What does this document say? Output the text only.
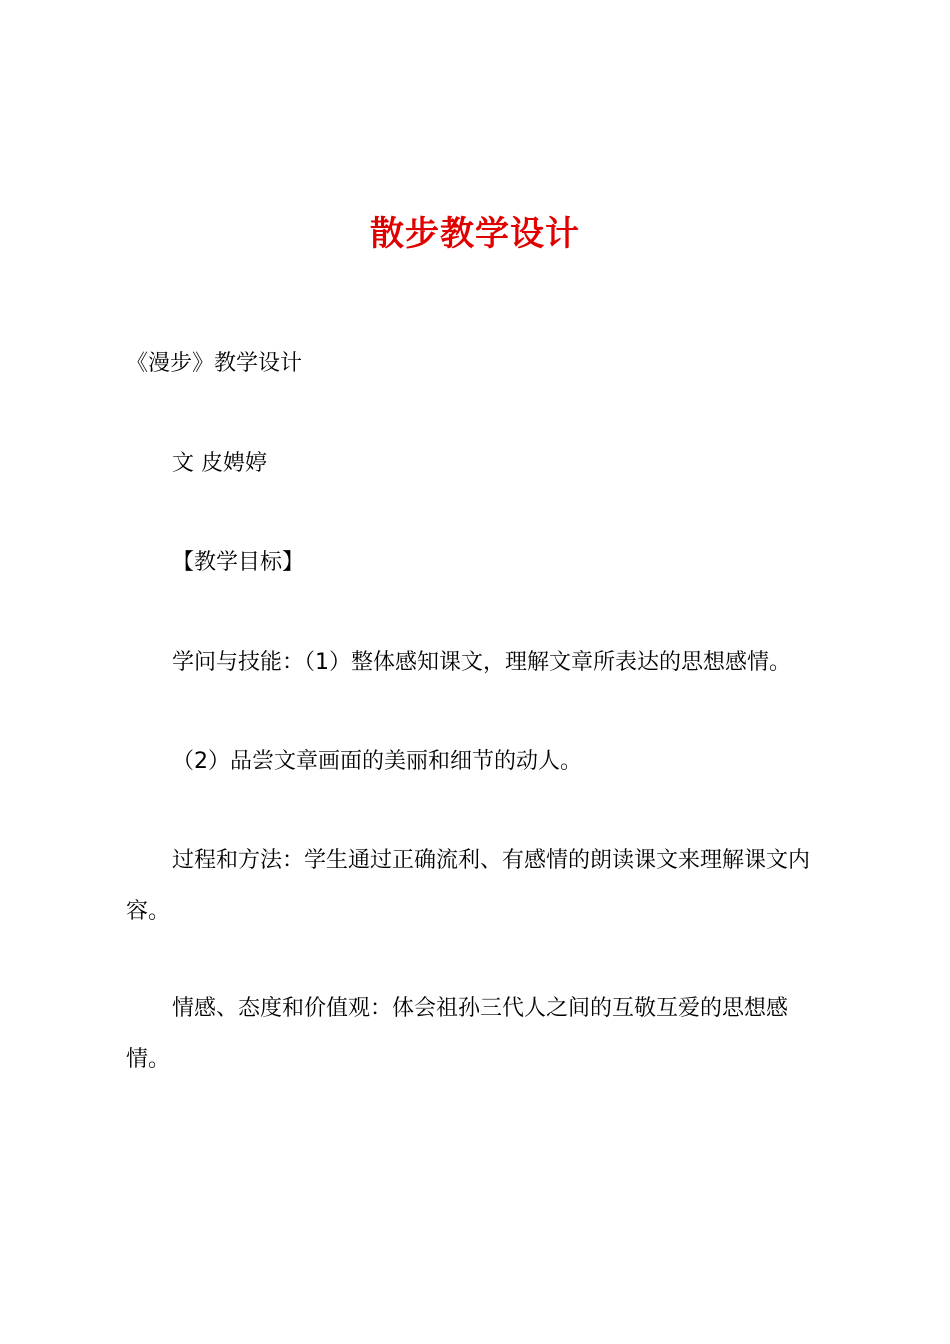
散步教学设计

《漫步》教学设计

文 皮娉婷

【教学目标】

学问与技能：（1）整体感知课文，理解文章所表达的思想感情。

（2）品尝文章画面的美丽和细节的动人。

过程和方法：学生通过正确流利、有感情的朗读课文来理解课文内

容。

情感、态度和价值观：体会祖孙三代人之间的互敬互爱的思想感

情。
